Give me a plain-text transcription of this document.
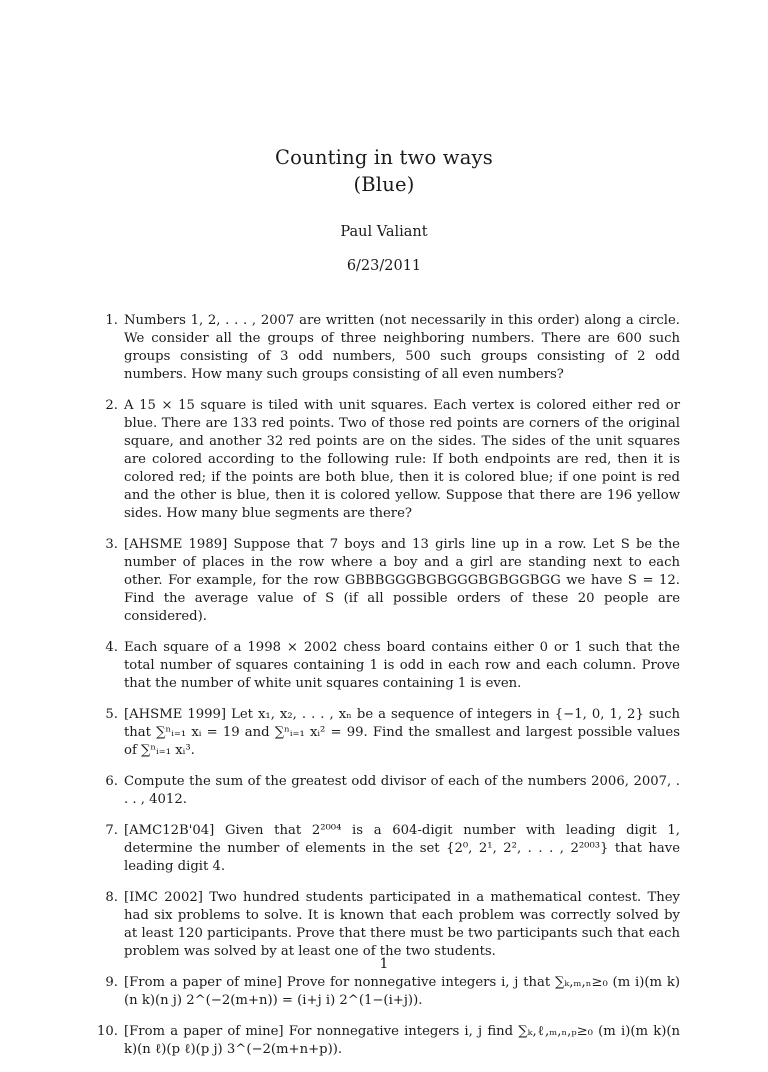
Counting in two ways
(Blue)
Paul Valiant
6/23/2011
1. Numbers 1, 2, . . . , 2007 are written (not necessarily in this order) along a circle. We consider all the groups of three neighboring numbers. There are 600 such groups consisting of 3 odd numbers, 500 such groups consisting of 2 odd numbers. How many such groups consisting of all even numbers?
2. A 15 × 15 square is tiled with unit squares. Each vertex is colored either red or blue. There are 133 red points. Two of those red points are corners of the original square, and another 32 red points are on the sides. The sides of the unit squares are colored according to the following rule: If both endpoints are red, then it is colored red; if the points are both blue, then it is colored blue; if one point is red and the other is blue, then it is colored yellow. Suppose that there are 196 yellow sides. How many blue segments are there?
3. [AHSME 1989] Suppose that 7 boys and 13 girls line up in a row. Let S be the number of places in the row where a boy and a girl are standing next to each other. For example, for the row GBBBGGGBGBGGGBGBGGBGG we have S = 12. Find the average value of S (if all possible orders of these 20 people are considered).
4. Each square of a 1998 × 2002 chess board contains either 0 or 1 such that the total number of squares containing 1 is odd in each row and each column. Prove that the number of white unit squares containing 1 is even.
5. [AHSME 1999] Let x₁, x₂, . . . , xₙ be a sequence of integers in {−1, 0, 1, 2} such that ∑ⁿᵢ₌₁ xᵢ = 19 and ∑ⁿᵢ₌₁ xᵢ² = 99. Find the smallest and largest possible values of ∑ⁿᵢ₌₁ xᵢ³.
6. Compute the sum of the greatest odd divisor of each of the numbers 2006, 2007, . . . , 4012.
7. [AMC12B'04] Given that 2²⁰⁰⁴ is a 604-digit number with leading digit 1, determine the number of elements in the set {2⁰, 2¹, 2², . . . , 2²⁰⁰³} that have leading digit 4.
8. [IMC 2002] Two hundred students participated in a mathematical contest. They had six problems to solve. It is known that each problem was correctly solved by at least 120 participants. Prove that there must be two participants such that each problem was solved by at least one of the two students.
9. [From a paper of mine] Prove for nonnegative integers i, j that ∑ₖ,ₘ,ₙ≥₀ (m i)(m k)(n k)(n j) 2^(−2(m+n)) = (i+j i) 2^(1−(i+j)).
10. [From a paper of mine] For nonnegative integers i, j find ∑ₖ,ℓ,ₘ,ₙ,ₚ≥₀ (m i)(m k)(n k)(n ℓ)(p ℓ)(p j) 3^(−2(m+n+p)).
1
